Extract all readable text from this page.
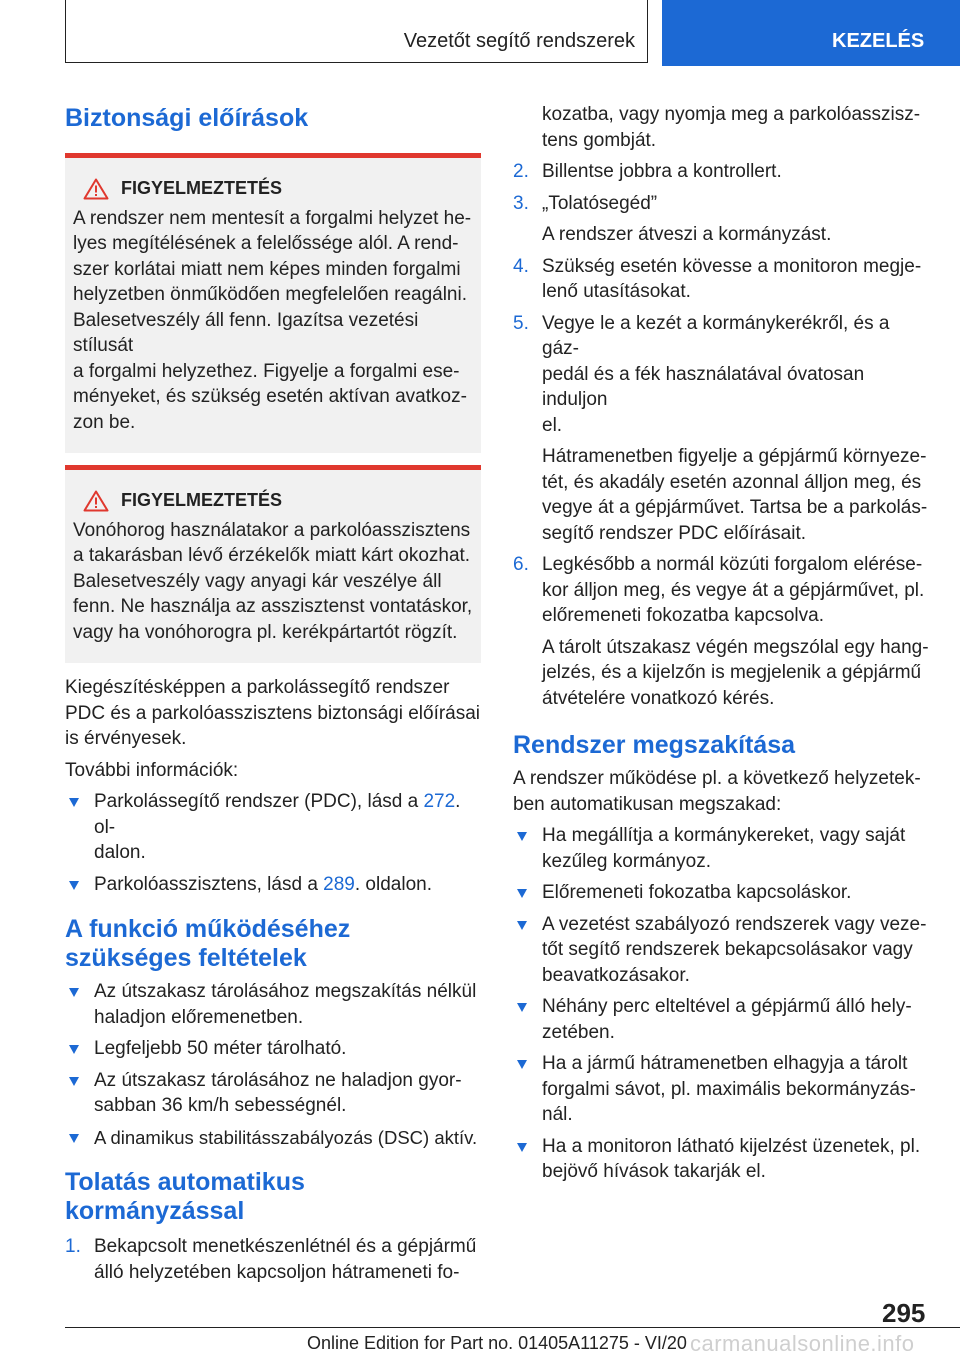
Vezetőt segítő rendszerek	KEZELÉS
Biztonsági előírások
FIGYELMEZTETÉS
A rendszer nem mentesít a forgalmi helyzet he-
lyes megítélésének a felelőssége alól. A rend-
szer korlátai miatt nem képes minden forgalmi
helyzetben önműködően megfelelően reagálni.
Balesetveszély áll fenn. Igazítsa vezetési stílusát
a forgalmi helyzethez. Figyelje a forgalmi ese-
ményeket, és szükség esetén aktívan avatkoz-
zon be.
FIGYELMEZTETÉS
Vonóhorog használatakor a parkolóasszisztens
a takarásban lévő érzékelők miatt kárt okozhat.
Balesetveszély vagy anyagi kár veszélye áll
fenn. Ne használja az asszisztenst vontatáskor,
vagy ha vonóhorogra pl. kerékpártartót rögzít.
Kiegészítésképpen a parkolássegítő rendszer
PDC és a parkolóasszisztens biztonsági előírásai
is érvényesek.

További információk:

Parkolássegítő rendszer (PDC), lásd a 272. ol-
dalon.
Parkolóasszisztens, lásd a 289. oldalon.
A funkció működéséhez
szükséges feltételek
Az útszakasz tárolásához megszakítás nélkül
haladjon előremenetben.
Legfeljebb 50 méter tárolható.
Az útszakasz tárolásához ne haladjon gyor-
sabban 36 km/h sebességnél.
A dinamikus stabilitásszabályozás (DSC) aktív.
Tolatás automatikus
kormányzással
1. Bekapcsolt menetkészenlétnél és a gépjármű
álló helyzetében kapcsoljon hátrameneti fo-
kozatba, vagy nyomja meg a parkolóasszisz-
tens gombját.
2. Billentse jobbra a kontrollert.
3. „Tolatósegéd”
A rendszer átveszi a kormányzást.
4. Szükség esetén kövesse a monitoron megje-
lenő utasításokat.
5. Vegye le a kezét a kormánykerékről, és a gáz-
pedál és a fék használatával óvatosan induljon
el.
Hátramenetben figyelje a gépjármű környeze-
tét, és akadály esetén azonnal álljon meg, és
vegye át a gépjárművet. Tartsa be a parkolás-
segítő rendszer PDC előírásait.
6. Legkésőbb a normál közúti forgalom elérése-
kor álljon meg, és vegye át a gépjárművet, pl.
előremeneti fokozatba kapcsolva.
A tárolt útszakasz végén megszólal egy hang-
jelzés, és a kijelzőn is megjelenik a gépjármű
átvételére vonatkozó kérés.
Rendszer megszakítása
A rendszer működése pl. a következő helyzetek-
ben automatikusan megszakad:
Ha megállítja a kormánykereket, vagy saját
kezűleg kormányoz.
Előremeneti fokozatba kapcsoláskor.
A vezetést szabályozó rendszerek vagy veze-
tőt segítő rendszerek bekapcsolásakor vagy
beavatkozásakor.
Néhány perc elteltével a gépjármű álló hely-
zetében.
Ha a jármű hátramenetben elhagyja a tárolt
forgalmi sávot, pl. maximális bekormányzás-
nál.
Ha a monitoron látható kijelzést üzenetek, pl.
bejövő hívások takarják el.
295
Online Edition for Part no. 01405A11275 - VI/20 carmanualsonline.info
